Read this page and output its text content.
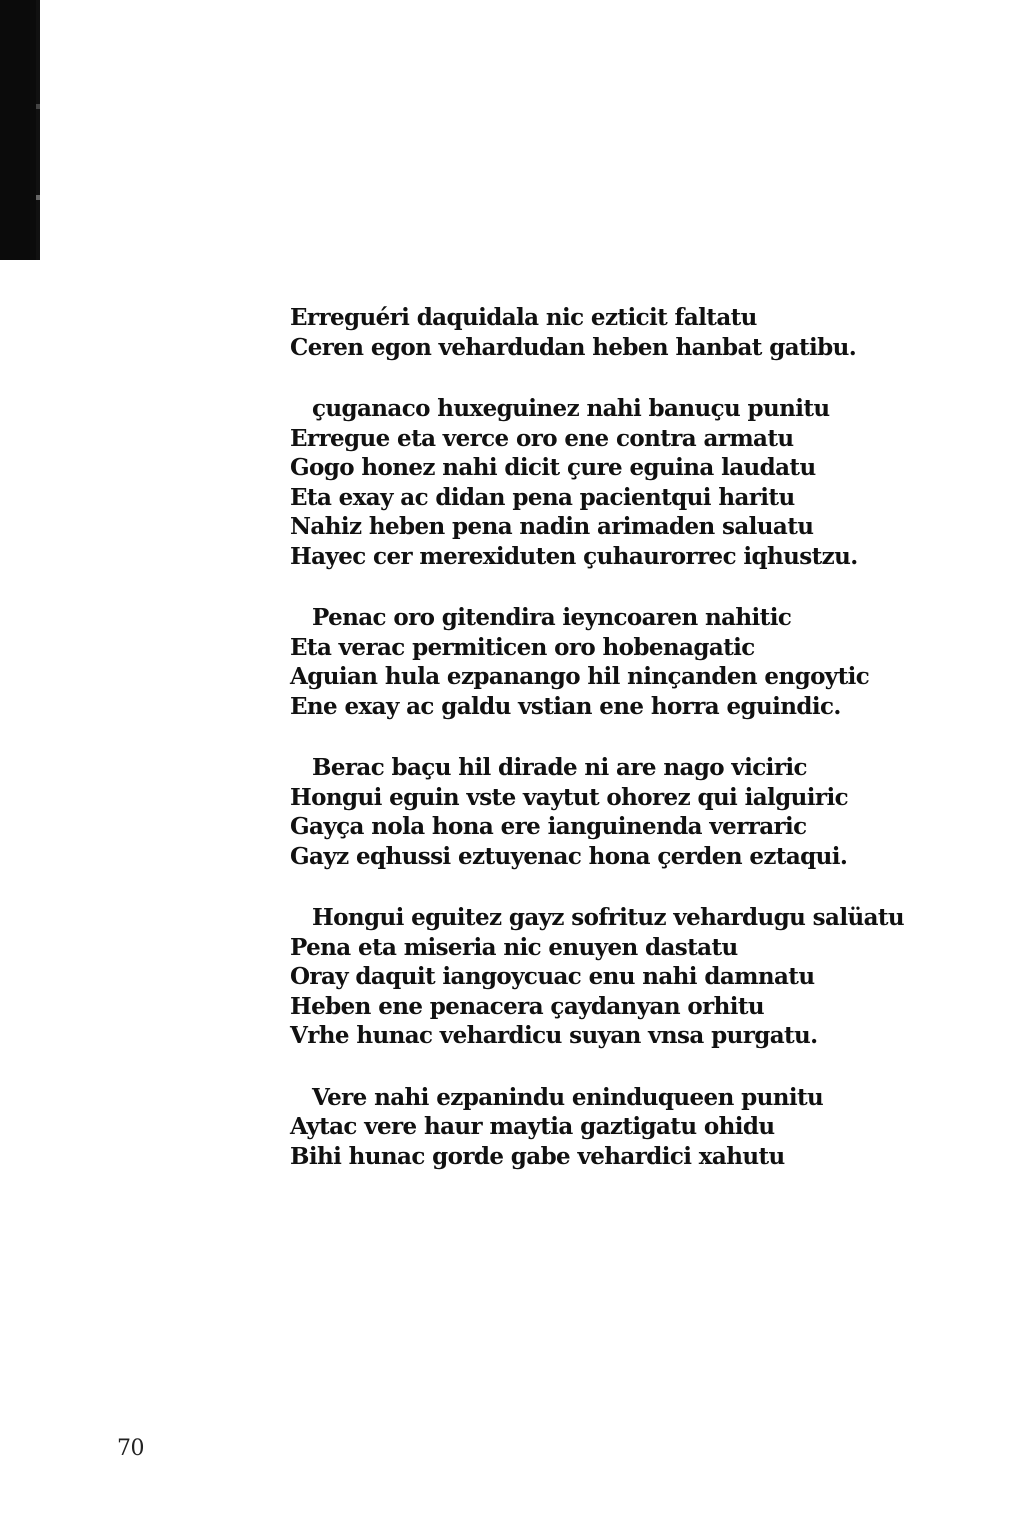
Erreguéri daquidala nic ezticit faltatu
Ceren egon vehardudan heben hanbat gatibu.
çuganaco huxeguinez nahi banuçu punitu
Erregue eta verce oro ene contra armatu
Gogo honez nahi dicit çure eguina laudatu
Eta exay ac didan pena pacientqui haritu
Nahiz heben pena nadin arimaden saluatu
Hayec cer merexiduten çuhaurorrec iqhustzu.
Penac oro gitendira ieyncoaren nahitic
Eta verac permiticen oro hobenagatic
Aguian hula ezpanango hil ninçanden engoytic
Ene exay ac galdu vstian ene horra eguindic.
Berac baçu hil dirade ni are nago viciric
Hongui eguin vste vaytut ohorez qui ialguiric
Gayça nola hona ere ianguinenda verraric
Gayz eqhussi eztuyenac hona çerden eztaqui.
Hongui eguitez gayz sofrituz vehardugu salüatu
Pena eta miseria nic enuyen dastatu
Oray daquit iangoycuac enu nahi damnatu
Heben ene penacera çaydanyan orhitu
Vrhe hunac vehardicu suyan vnsa purgatu.
Vere nahi ezpanindu eninduqueen punitu
Aytac vere haur maytia gaztigatu ohidu
Bihi hunac gorde gabe vehardici xahutu
70
